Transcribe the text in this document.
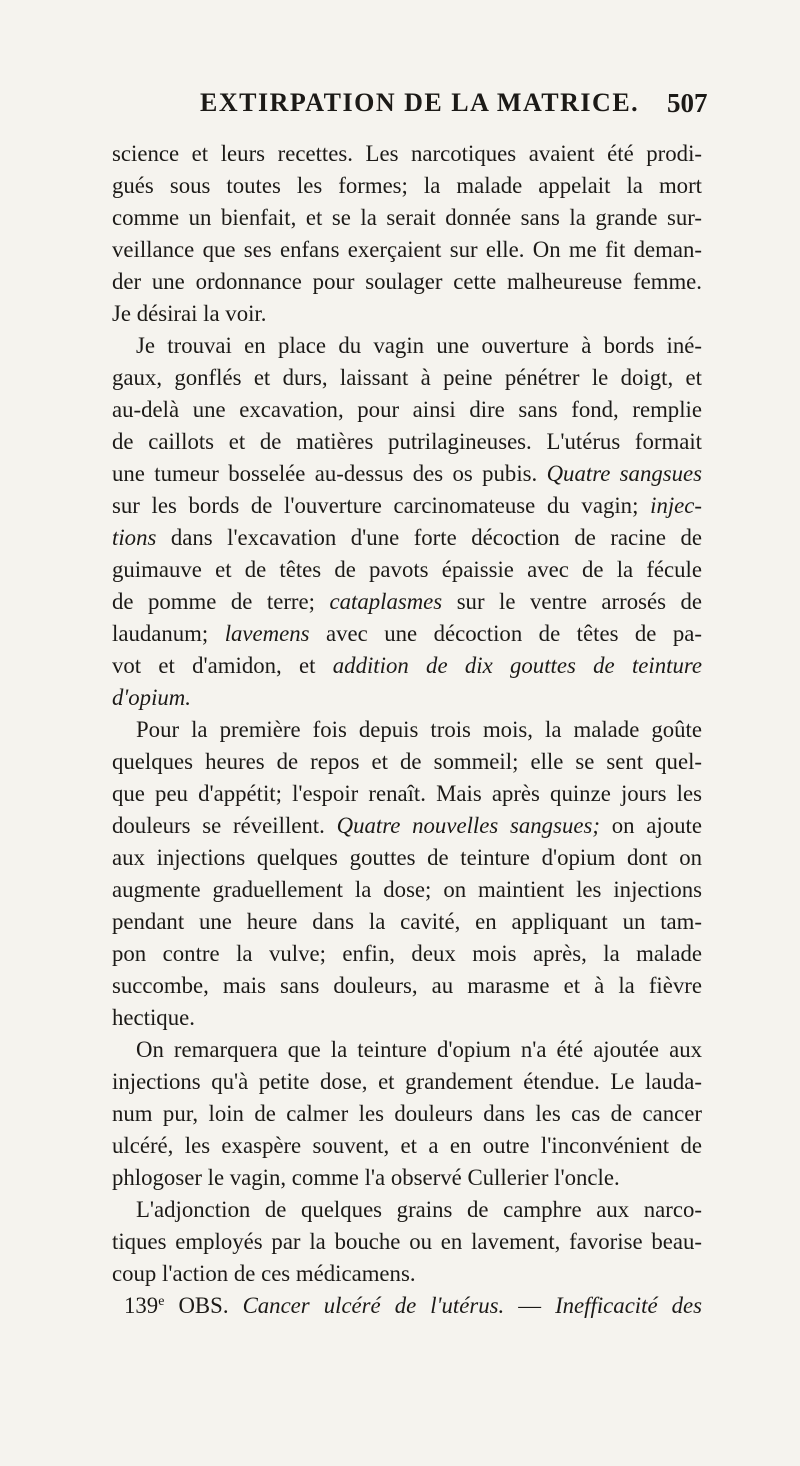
EXTIRPATION DE LA MATRICE. 507
science et leurs recettes. Les narcotiques avaient été prodi-
gués sous toutes les formes; la malade appelait la mort
comme un bienfait, et se la serait donnée sans la grande sur-
veillance que ses enfans exerçaient sur elle. On me fit deman-
der une ordonnance pour soulager cette malheureuse femme.
Je désirai la voir.
Je trouvai en place du vagin une ouverture à bords iné-
gaux, gonflés et durs, laissant à peine pénétrer le doigt, et
au-delà une excavation, pour ainsi dire sans fond, remplie
de caillots et de matières putrilagineuses. L'utérus formait
une tumeur bosselée au-dessus des os pubis. Quatre sangsues
sur les bords de l'ouverture carcinomateuse du vagin; injec-
tions dans l'excavation d'une forte décoction de racine de
guimauve et de têtes de pavots épaissie avec de la fécule
de pomme de terre; cataplasmes sur le ventre arrosés de
laudanum; lavemens avec une décoction de têtes de pa-
vot et d'amidon, et addition de dix gouttes de teinture
d'opium.
Pour la première fois depuis trois mois, la malade goûte
quelques heures de repos et de sommeil; elle se sent quel-
que peu d'appétit; l'espoir renaît. Mais après quinze jours les
douleurs se réveillent. Quatre nouvelles sangsues; on ajoute
aux injections quelques gouttes de teinture d'opium dont on
augmente graduellement la dose; on maintient les injections
pendant une heure dans la cavité, en appliquant un tam-
pon contre la vulve; enfin, deux mois après, la malade
succombe, mais sans douleurs, au marasme et à la fièvre
hectique.
On remarquera que la teinture d'opium n'a été ajoutée aux
injections qu'à petite dose, et grandement étendue. Le lauda-
num pur, loin de calmer les douleurs dans les cas de cancer
ulcéré, les exaspère souvent, et a en outre l'inconvénient de
phlogoser le vagin, comme l'a observé Cullerier l'oncle.
L'adjonction de quelques grains de camphre aux narco-
tiques employés par la bouche ou en lavement, favorise beau-
coup l'action de ces médicamens.
139e OBS. Cancer ulcéré de l'utérus. — Inefficacité des
